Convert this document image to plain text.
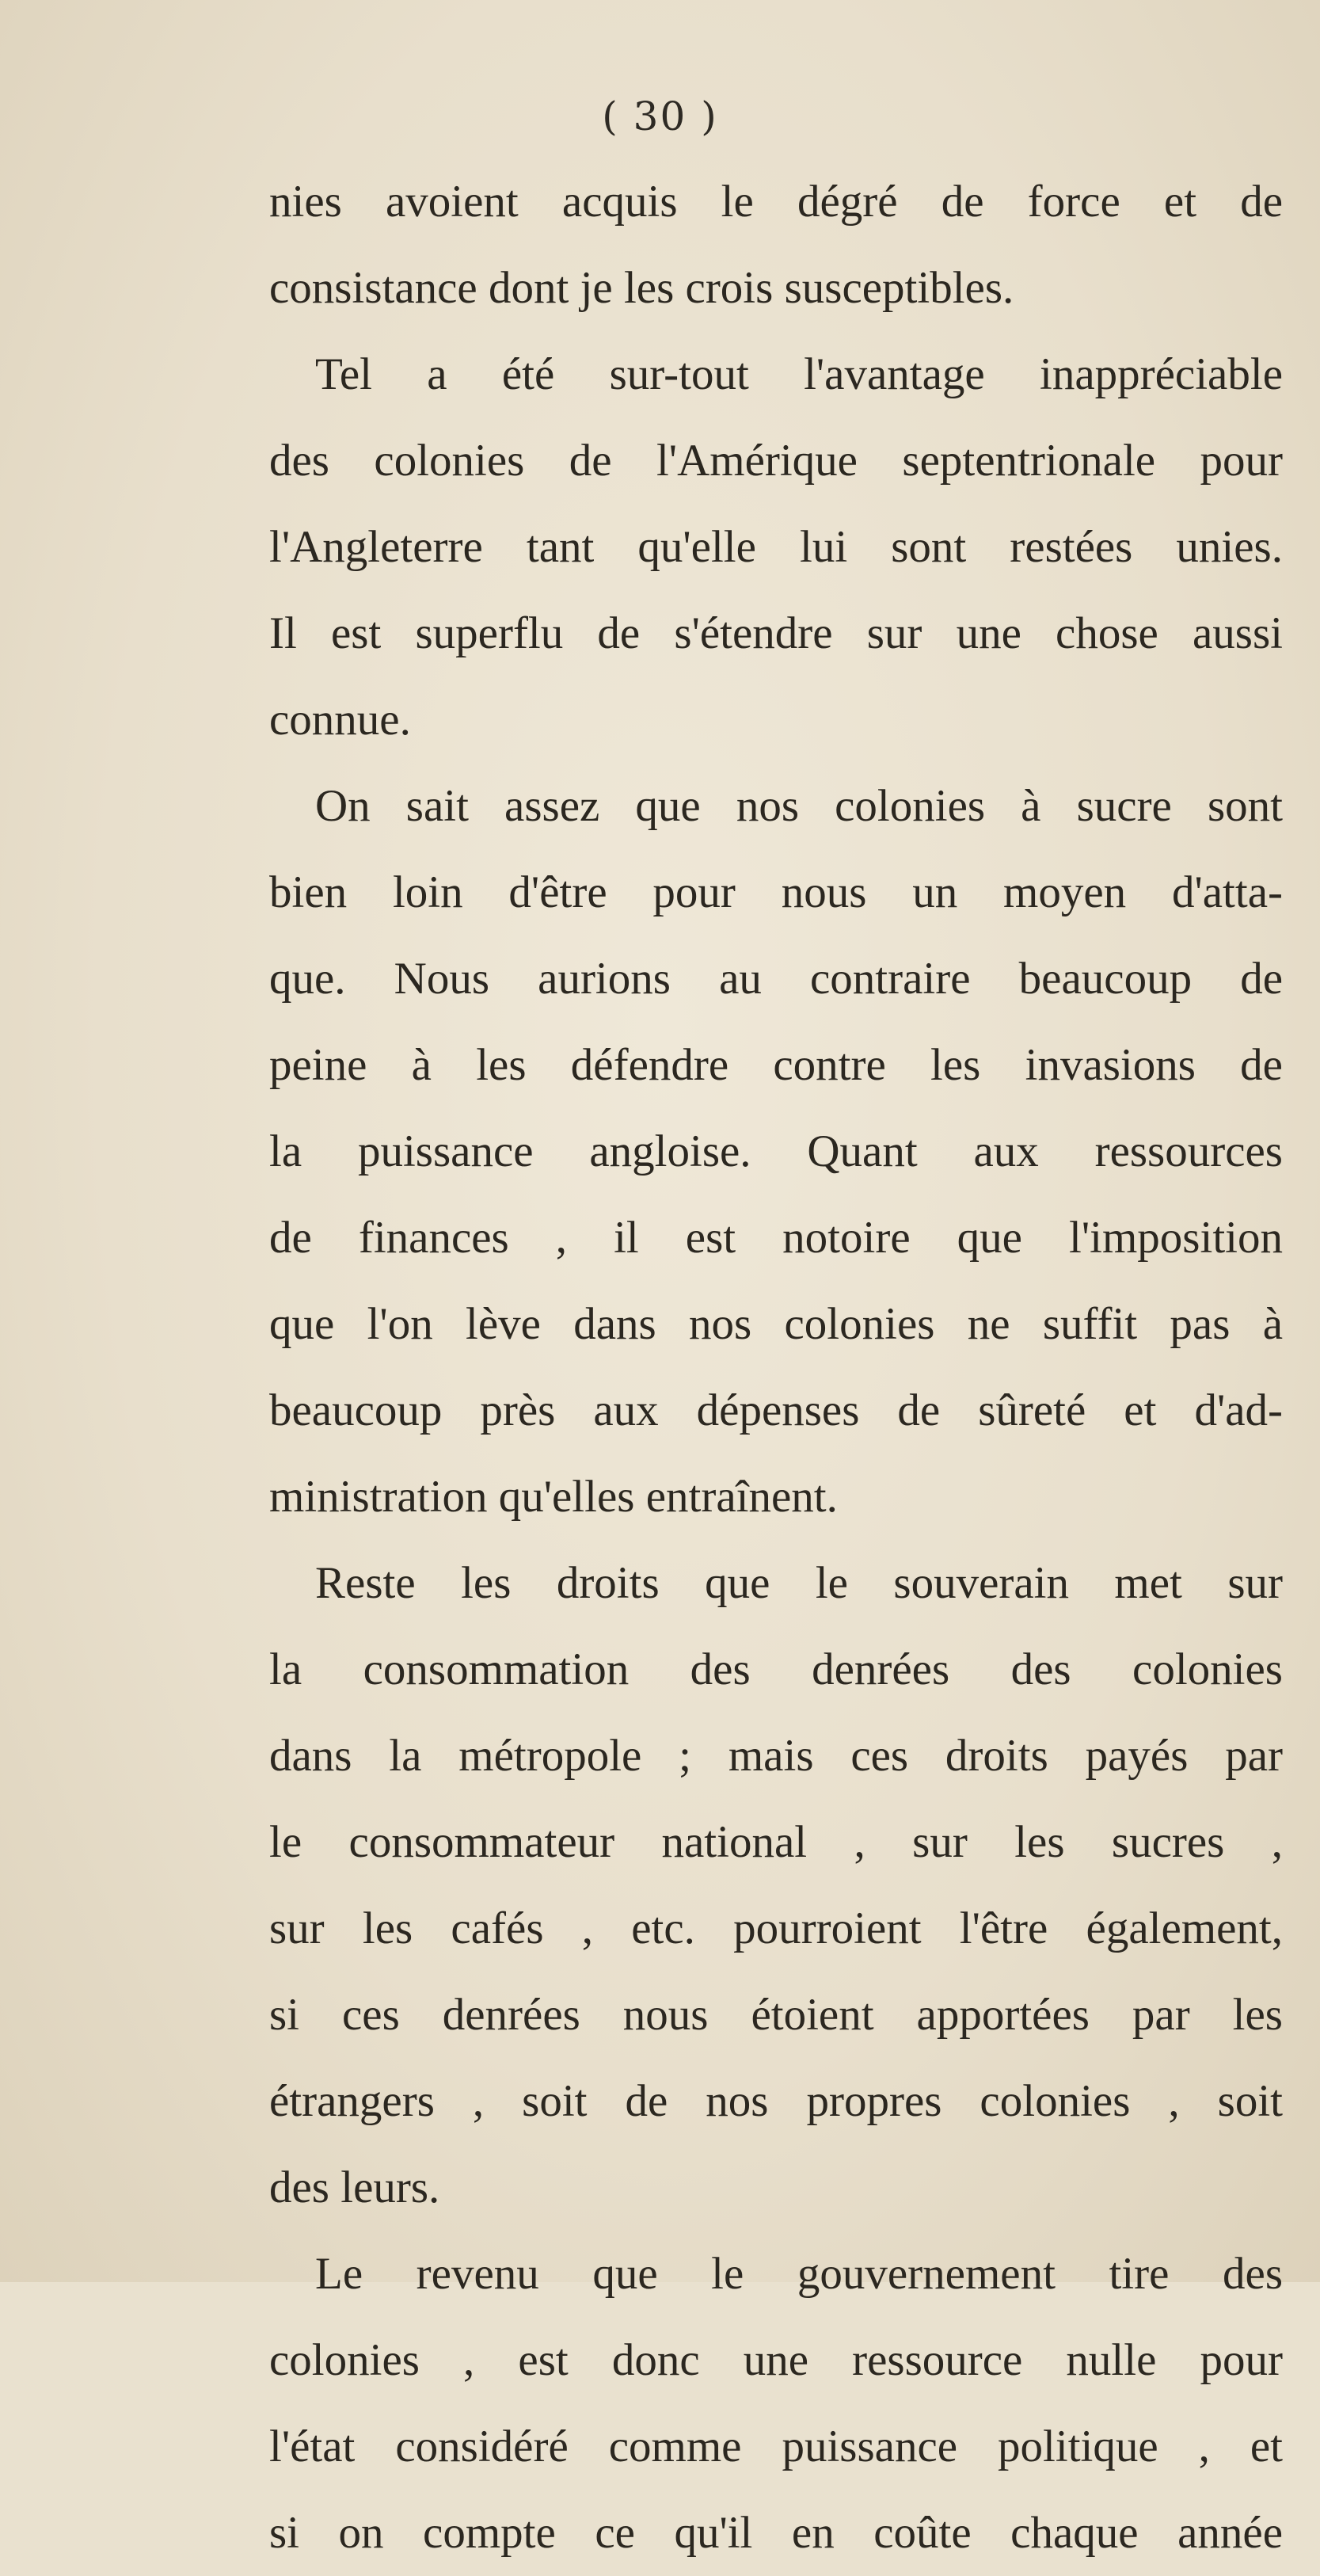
( 30 )
nies avoient acquis le dégré de force et de
consistance dont je les crois susceptibles.
Tel a été sur-tout l'avantage inappréciable
des colonies de l'Amérique septentrionale pour
l'Angleterre tant qu'elle lui sont restées unies.
Il est superflu de s'étendre sur une chose aussi
connue.
On sait assez que nos colonies à sucre sont
bien loin d'être pour nous un moyen d'atta-
que. Nous aurions au contraire beaucoup de
peine à les défendre contre les invasions de
la puissance angloise. Quant aux ressources
de finances , il est notoire que l'imposition
que l'on lève dans nos colonies ne suffit pas à
beaucoup près aux dépenses de sûreté et d'ad-
ministration qu'elles entraînent.
Reste les droits que le souverain met sur
la consommation des denrées des colonies
dans la métropole ; mais ces droits payés par
le consommateur national , sur les sucres ,
sur les cafés , etc. pourroient l'être également,
si ces denrées nous étoient apportées par les
étrangers , soit de nos propres colonies , soit
des leurs.
Le revenu que le gouvernement tire des
colonies , est donc une ressource nulle pour
l'état considéré comme puissance politique , et
si on compte ce qu'il en coûte chaque année
